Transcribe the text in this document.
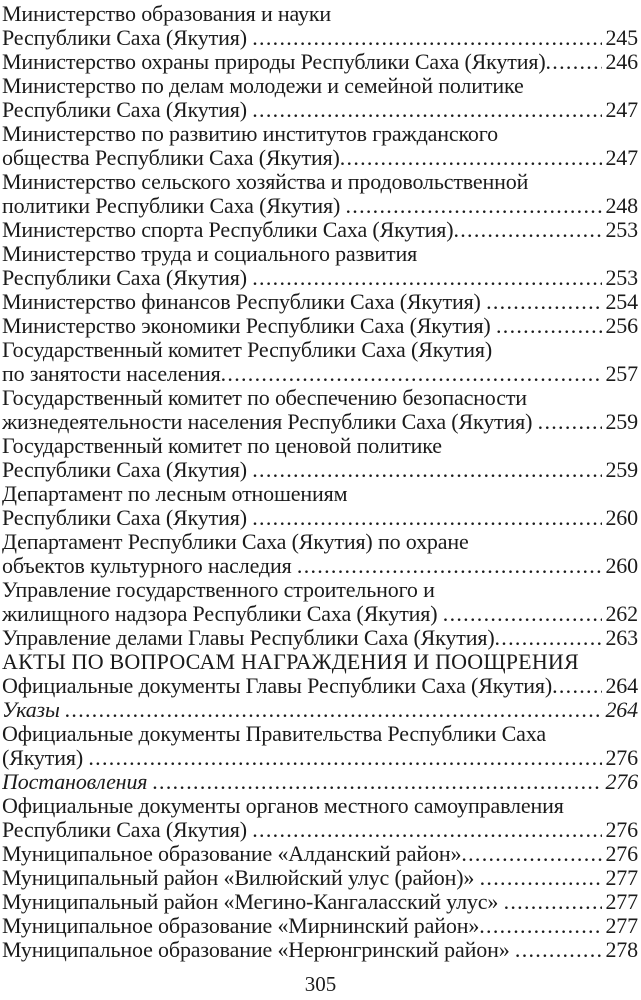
Министерство образования и науки
Республики Саха (Якутия) .....	245
Министерство охраны природы Республики Саха (Якутия) .....	246
Министерство по делам молодежи и семейной политике
Республики Саха (Якутия) .....	247
Министерство по развитию институтов гражданского
общества Республики Саха (Якутия) .....	247
Министерство сельского хозяйства и продовольственной
политики Республики Саха (Якутия) .....	248
Министерство спорта Республики Саха (Якутия) .....	253
Министерство труда и социального развития
Республики Саха (Якутия) .....	253
Министерство финансов Республики Саха (Якутия) .....	254
Министерство экономики Республики Саха (Якутия) .....	256
Государственный комитет Республики Саха (Якутия)
по занятости населения .....	257
Государственный комитет по обеспечению безопасности
жизнедеятельности населения Республики Саха (Якутия) .....	259
Государственный комитет по ценовой политике
Республики Саха (Якутия) .....	259
Департамент по лесным отношениям
Республики Саха (Якутия) .....	260
Департамент Республики Саха (Якутия) по охране
объектов культурного наследия .....	260
Управление государственного строительного и
жилищного надзора Республики Саха (Якутия) .....	262
Управление делами Главы Республики Саха (Якутия) .....	263
АКТЫ ПО ВОПРОСАМ НАГРАЖДЕНИЯ И ПООЩРЕНИЯ
Официальные документы Главы Республики Саха (Якутия) ..... 264
Указы .....	264
Официальные документы Правительства Республики Саха
(Якутия) .....	276
Постановления .....	276
Официальные документы органов местного самоуправления
Республики Саха (Якутия) .....	276
Муниципальное образование «Алданский район» .....	276
Муниципальный район «Вилюйский улус (район)» .....	277
Муниципальный район «Мегино-Кангаласский улус» .....	277
Муниципальное образование «Мирнинский район» .....	277
Муниципальное образование «Нерюнгринский район» .....	278
305
